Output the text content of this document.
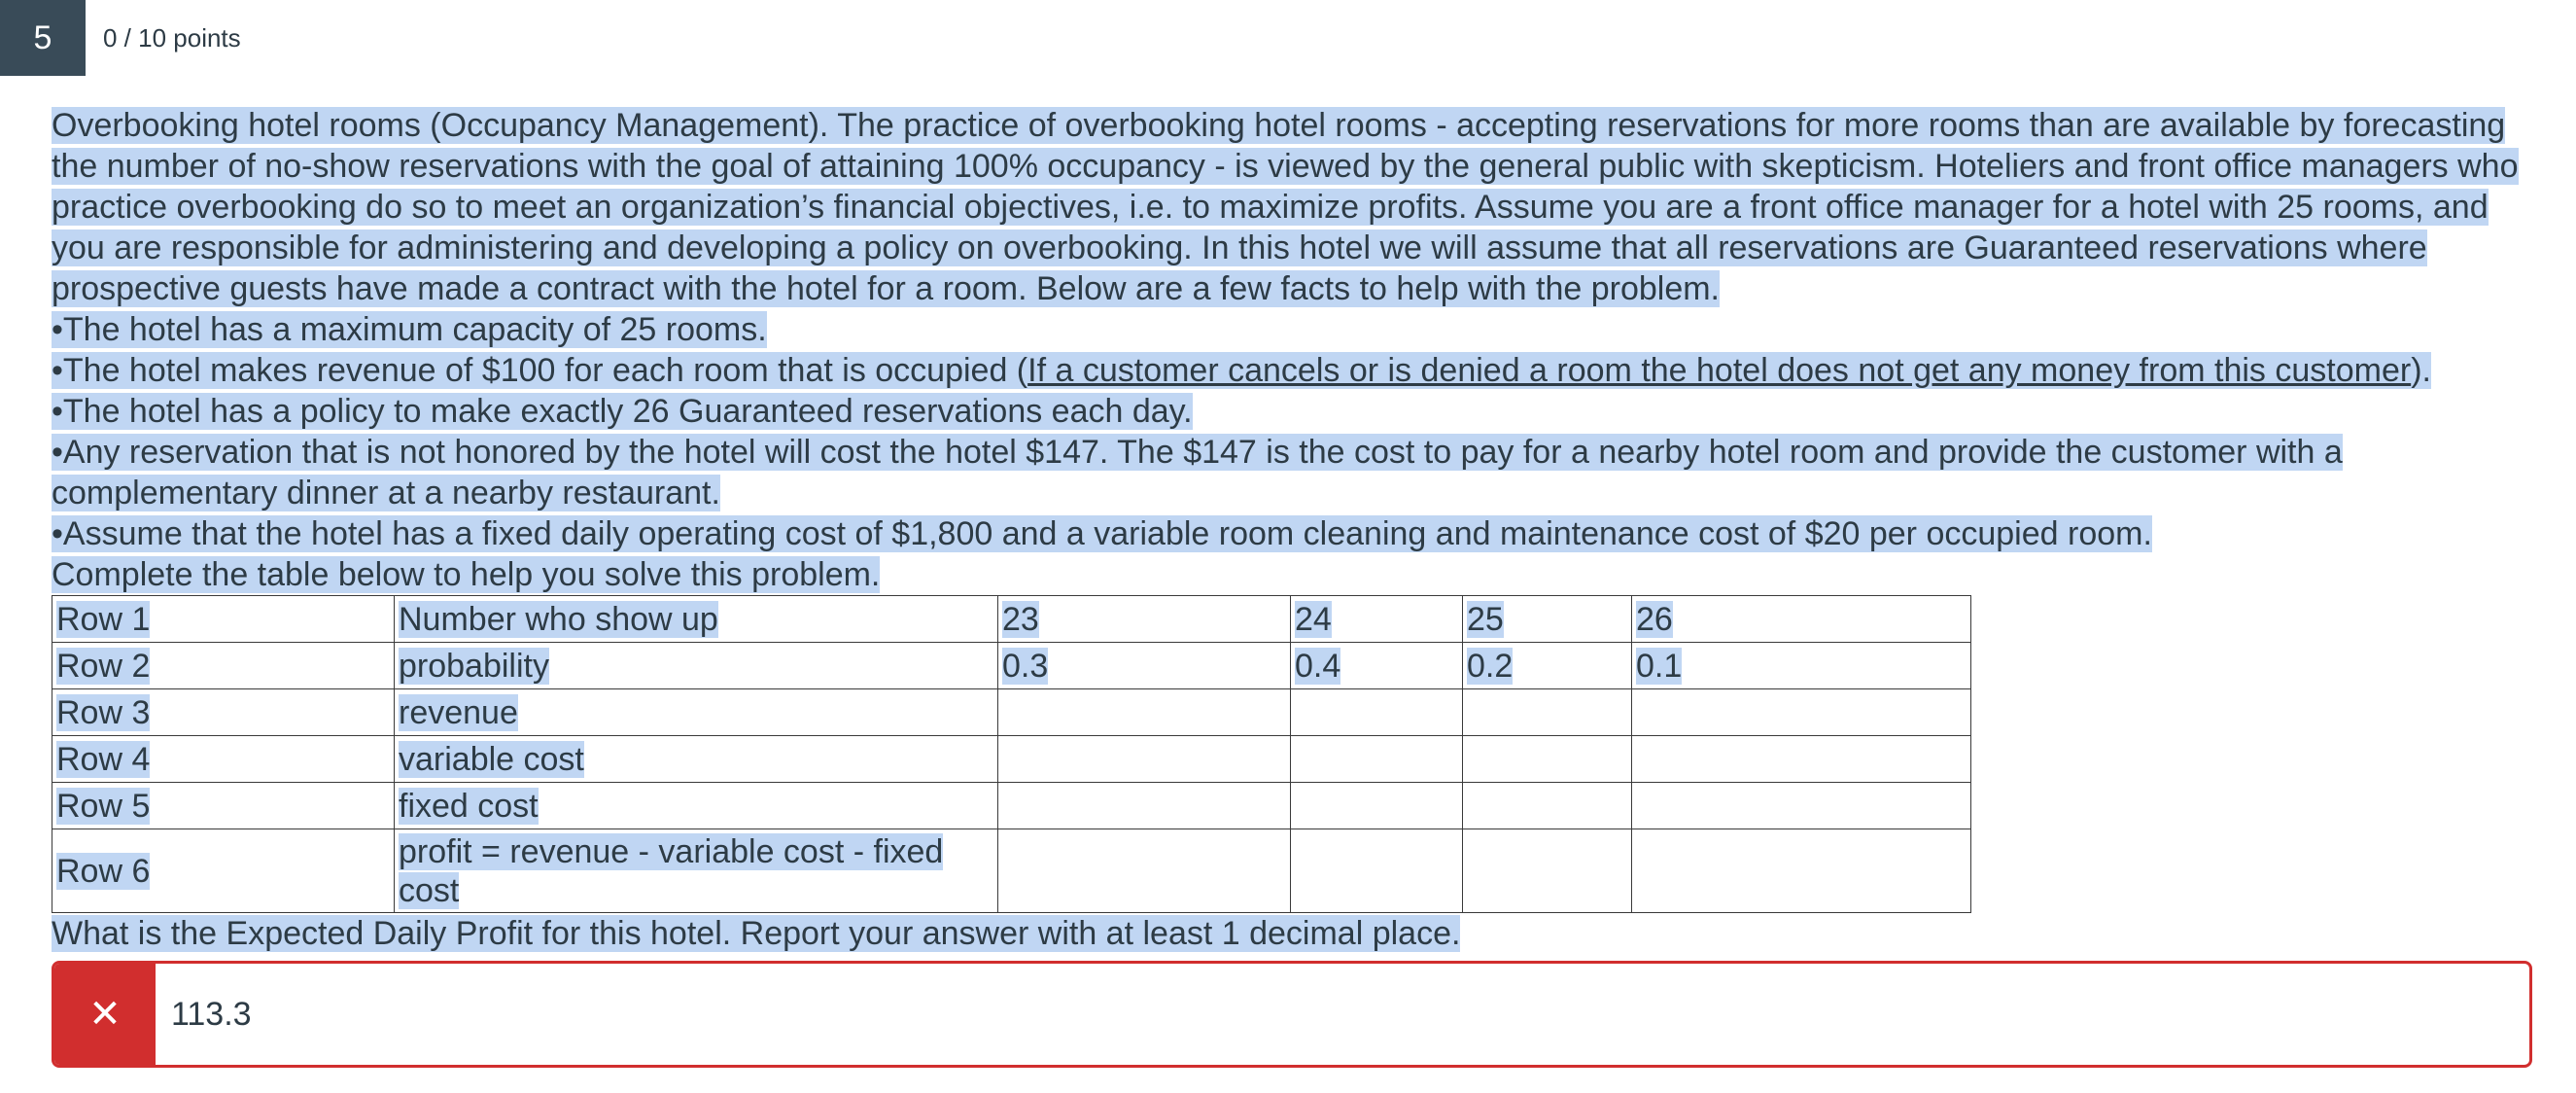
5	0 / 10 points

Overbooking hotel rooms (Occupancy Management). The practice of overbooking hotel rooms - accepting reservations for more rooms than are available by forecasting the number of no-show reservations with the goal of attaining 100% occupancy - is viewed by the general public with skepticism. Hoteliers and front office managers who practice overbooking do so to meet an organization’s financial objectives, i.e. to maximize profits. Assume you are a front office manager for a hotel with 25 rooms, and you are responsible for administering and developing a policy on overbooking. In this hotel we will assume that all reservations are Guaranteed reservations where prospective guests have made a contract with the hotel for a room. Below are a few facts to help with the problem.

•The hotel has a maximum capacity of 25 rooms.

•The hotel makes revenue of $100 for each room that is occupied (If a customer cancels or is denied a room the hotel does not get any money from this customer).

•The hotel has a policy to make exactly 26 Guaranteed reservations each day.

•Any reservation that is not honored by the hotel will cost the hotel $147. The $147 is the cost to pay for a nearby hotel room and provide the customer with a complementary dinner at a nearby restaurant.

•Assume that the hotel has a fixed daily operating cost of $1,800 and a variable room cleaning and maintenance cost of $20 per occupied room.

Complete the table below to help you solve this problem.

Row 1	Number who show up	23	24	25	26
Row 2	probability	0.3	0.4	0.2	0.1
Row 3	revenue				
Row 4	variable cost				
Row 5	fixed cost				
Row 6	profit = revenue - variable cost - fixed cost				

What is the Expected Daily Profit for this hotel. Report your answer with at least 1 decimal place.

✕	113.3
